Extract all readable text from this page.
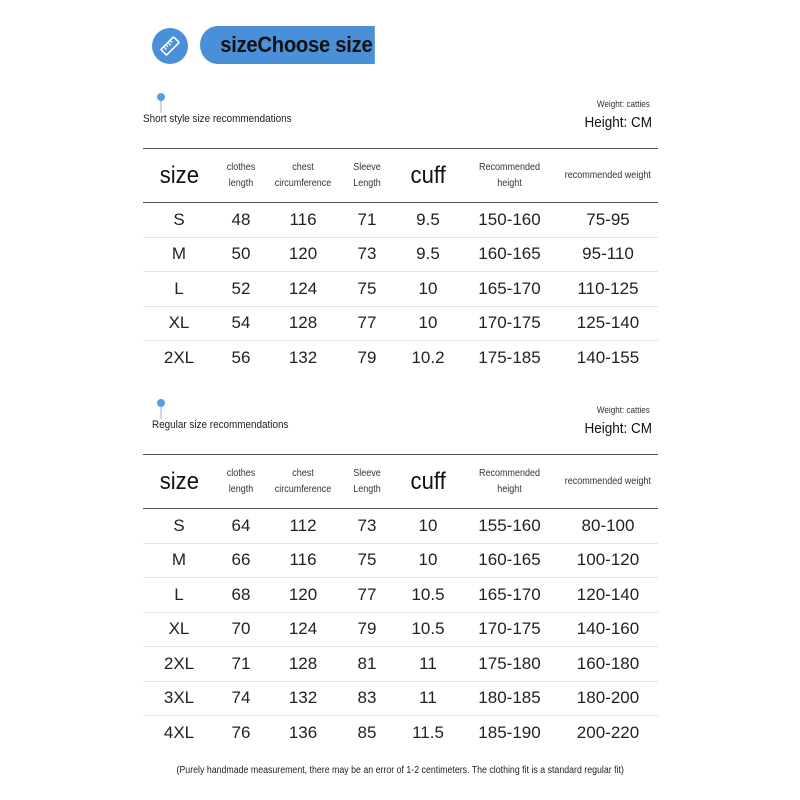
sizeChoose size
Short style size recommendations
Weight: catties
Height: CM
size	clothes length	chest circumference	Sleeve Length	cuff	Recommended height	recommended weight
S	48	116	71	9.5	150-160	75-95
M	50	120	73	9.5	160-165	95-110
L	52	124	75	10	165-170	110-125
XL	54	128	77	10	170-175	125-140
2XL	56	132	79	10.2	175-185	140-155
Regular size recommendations
Weight: catties
Height: CM
size	clothes length	chest circumference	Sleeve Length	cuff	Recommended height	recommended weight
S	64	112	73	10	155-160	80-100
M	66	116	75	10	160-165	100-120
L	68	120	77	10.5	165-170	120-140
XL	70	124	79	10.5	170-175	140-160
2XL	71	128	81	11	175-180	160-180
3XL	74	132	83	11	180-185	180-200
4XL	76	136	85	11.5	185-190	200-220
(Purely handmade measurement, there may be an error of 1-2 centimeters. The clothing fit is a standard regular fit)
